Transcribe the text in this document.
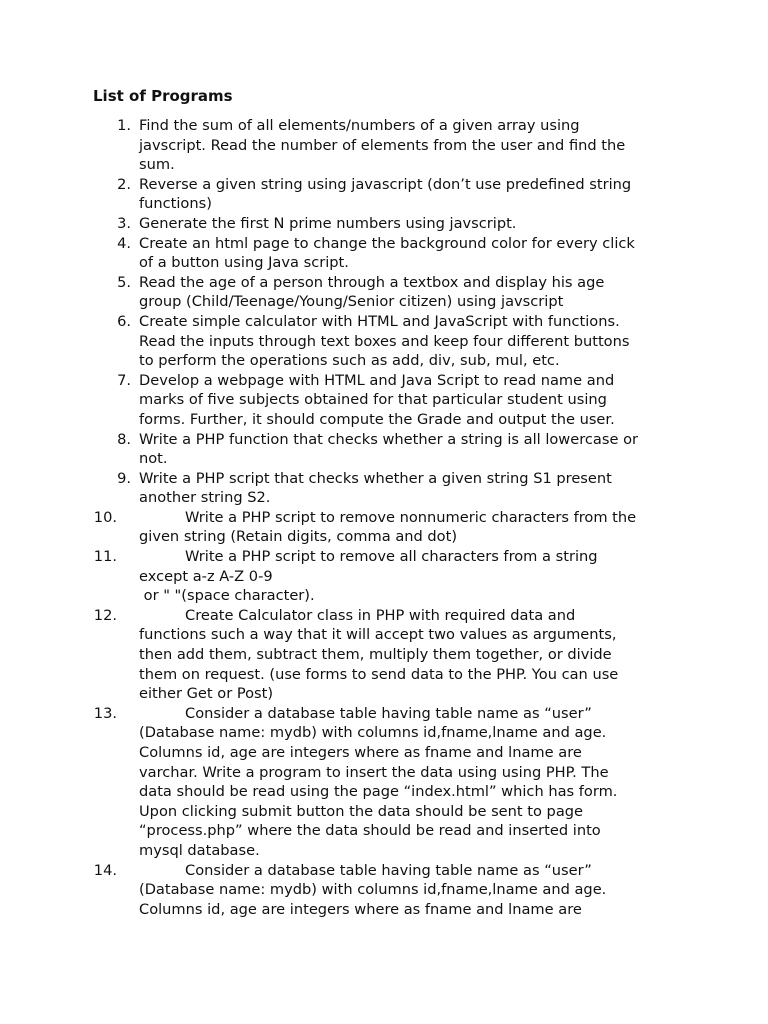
List of Programs
1. Find the sum of all elements/numbers of a given array using
javscript. Read the number of elements from the user and find the
sum.
2. Reverse a given string using javascript (don’t use predefined string
functions)
3. Generate the first N prime numbers using javscript.
4. Create an html page to change the background color for every click
of a button using Java script.
5. Read the age of a person through a textbox and display his age
group (Child/Teenage/Young/Senior citizen) using javscript
6. Create simple calculator with HTML and JavaScript with functions.
Read the inputs through text boxes and keep four different buttons
to perform the operations such as add, div, sub, mul, etc.
7. Develop a webpage with HTML and Java Script to read name and
marks of five subjects obtained for that particular student using
forms. Further, it should compute the Grade and output the user.
8. Write a PHP function that checks whether a string is all lowercase or
not.
9. Write a PHP script that checks whether a given string S1 present
another string S2.
10.	Write a PHP script to remove nonnumeric characters from the
given string (Retain digits, comma and dot)
11.	Write a PHP script to remove all characters from a string
except a-z A-Z 0-9
or " "(space character).
12.	Create Calculator class in PHP with required data and
functions such a way that it will accept two values as arguments,
then add them, subtract them, multiply them together, or divide
them on request. (use forms to send data to the PHP. You can use
either Get or Post)
13.	Consider a database table having table name as “user”
(Database name: mydb) with columns id,fname,lname and age.
Columns id, age are integers where as fname and lname are
varchar. Write a program to insert the data using using PHP. The
data should be read using the page “index.html” which has form.
Upon clicking submit button the data should be sent to page
“process.php” where the data should be read and inserted into
mysql database.
14.	Consider a database table having table name as “user”
(Database name: mydb) with columns id,fname,lname and age.
Columns id, age are integers where as fname and lname are
